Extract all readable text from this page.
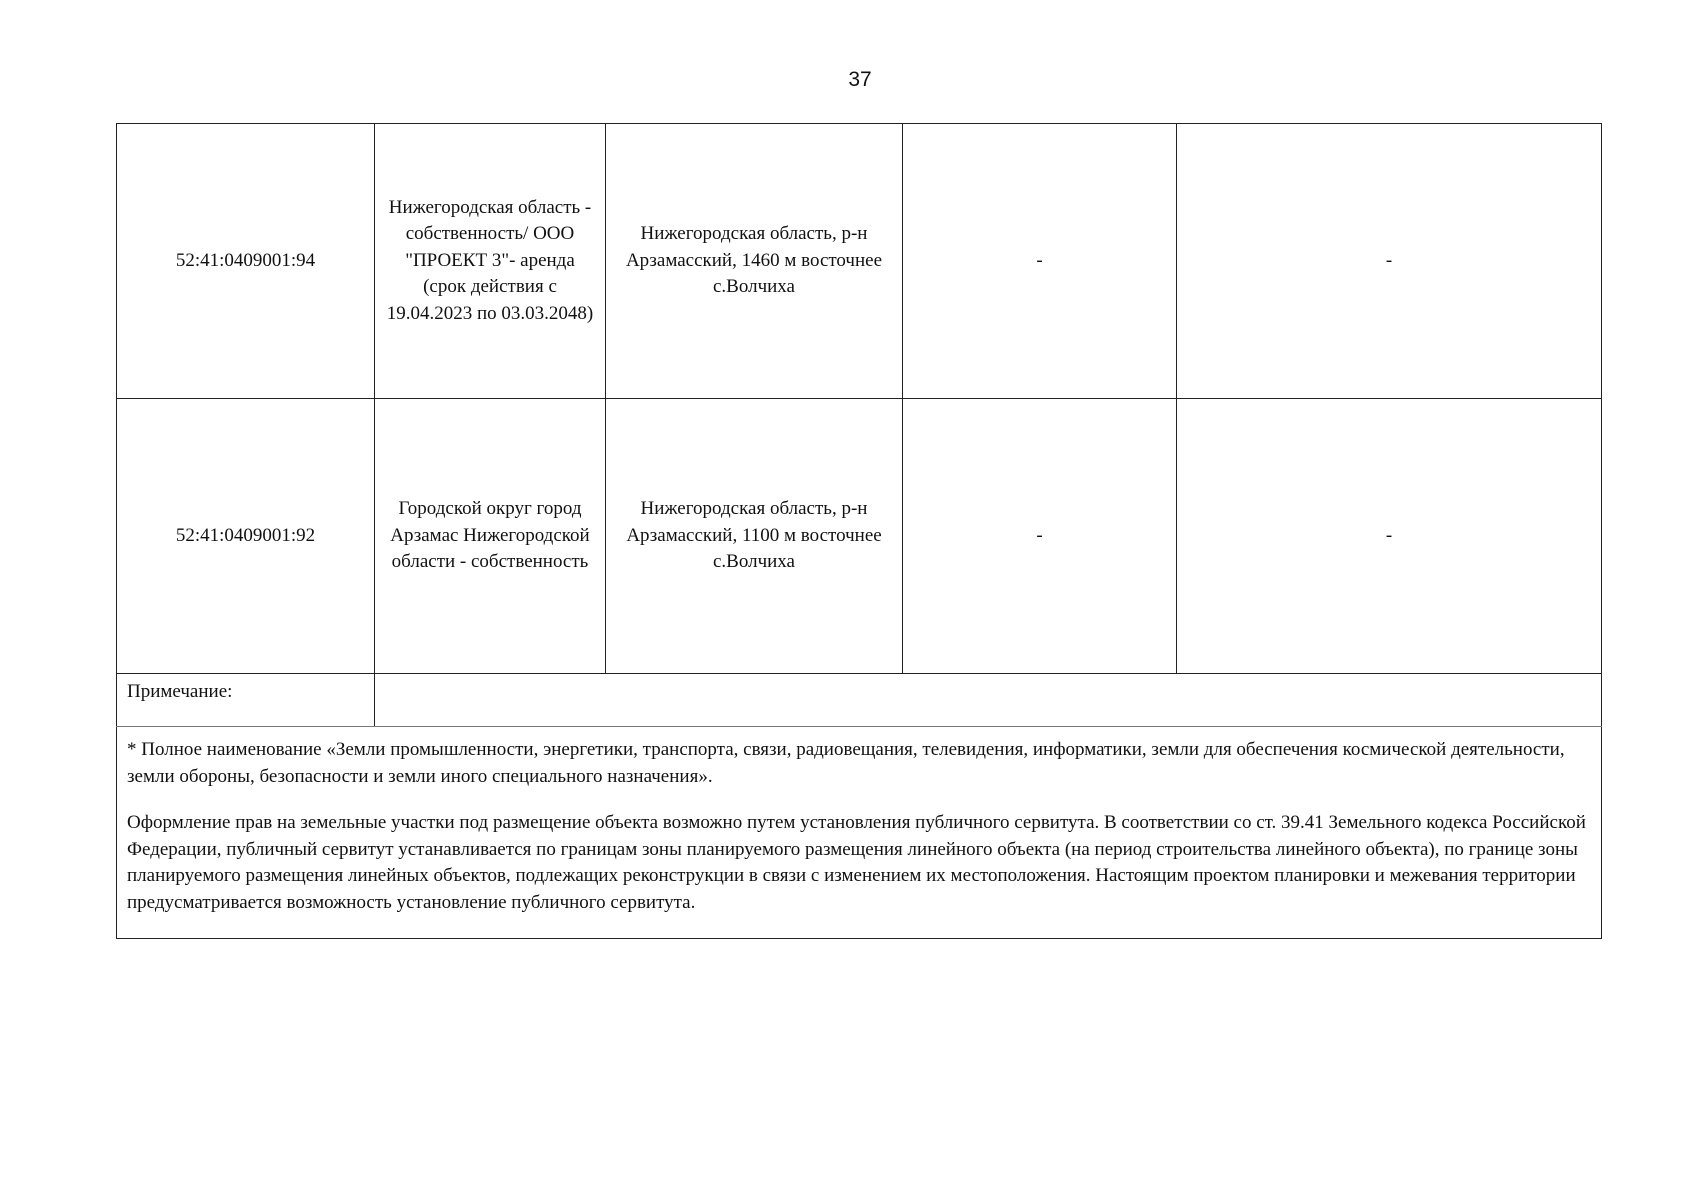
37
52:41:0409001:94	Нижегородская область - собственность/ ООО "ПРОЕКТ 3"- аренда (срок действия с 19.04.2023 по 03.03.2048)	Нижегородская область, р-н Арзамасский, 1460 м восточнее с.Волчиха	-	-

52:41:0409001:92	Городской округ город Арзамас Нижегородской области - собственность	Нижегородская область, р-н Арзамасский, 1100 м восточнее с.Волчиха	-	-

Примечание:				

* Полное наименование «Земли промышленности, энергетики, транспорта, связи, радиовещания, телевидения, информатики, земли для обеспечения космической деятельности, земли обороны, безопасности и земли иного специального назначения».

Оформление прав на земельные участки под размещение объекта возможно путем установления публичного сервитута. В соответствии со ст. 39.41 Земельного кодекса Российской Федерации, публичный сервитут устанавливается по границам зоны планируемого размещения линейного объекта (на период строительства линейного объекта), по границе зоны планируемого размещения линейных объектов, подлежащих реконструкции в связи с изменением их местоположения. Настоящим проектом планировки и межевания территории предусматривается возможность установление публичного сервитута.				
